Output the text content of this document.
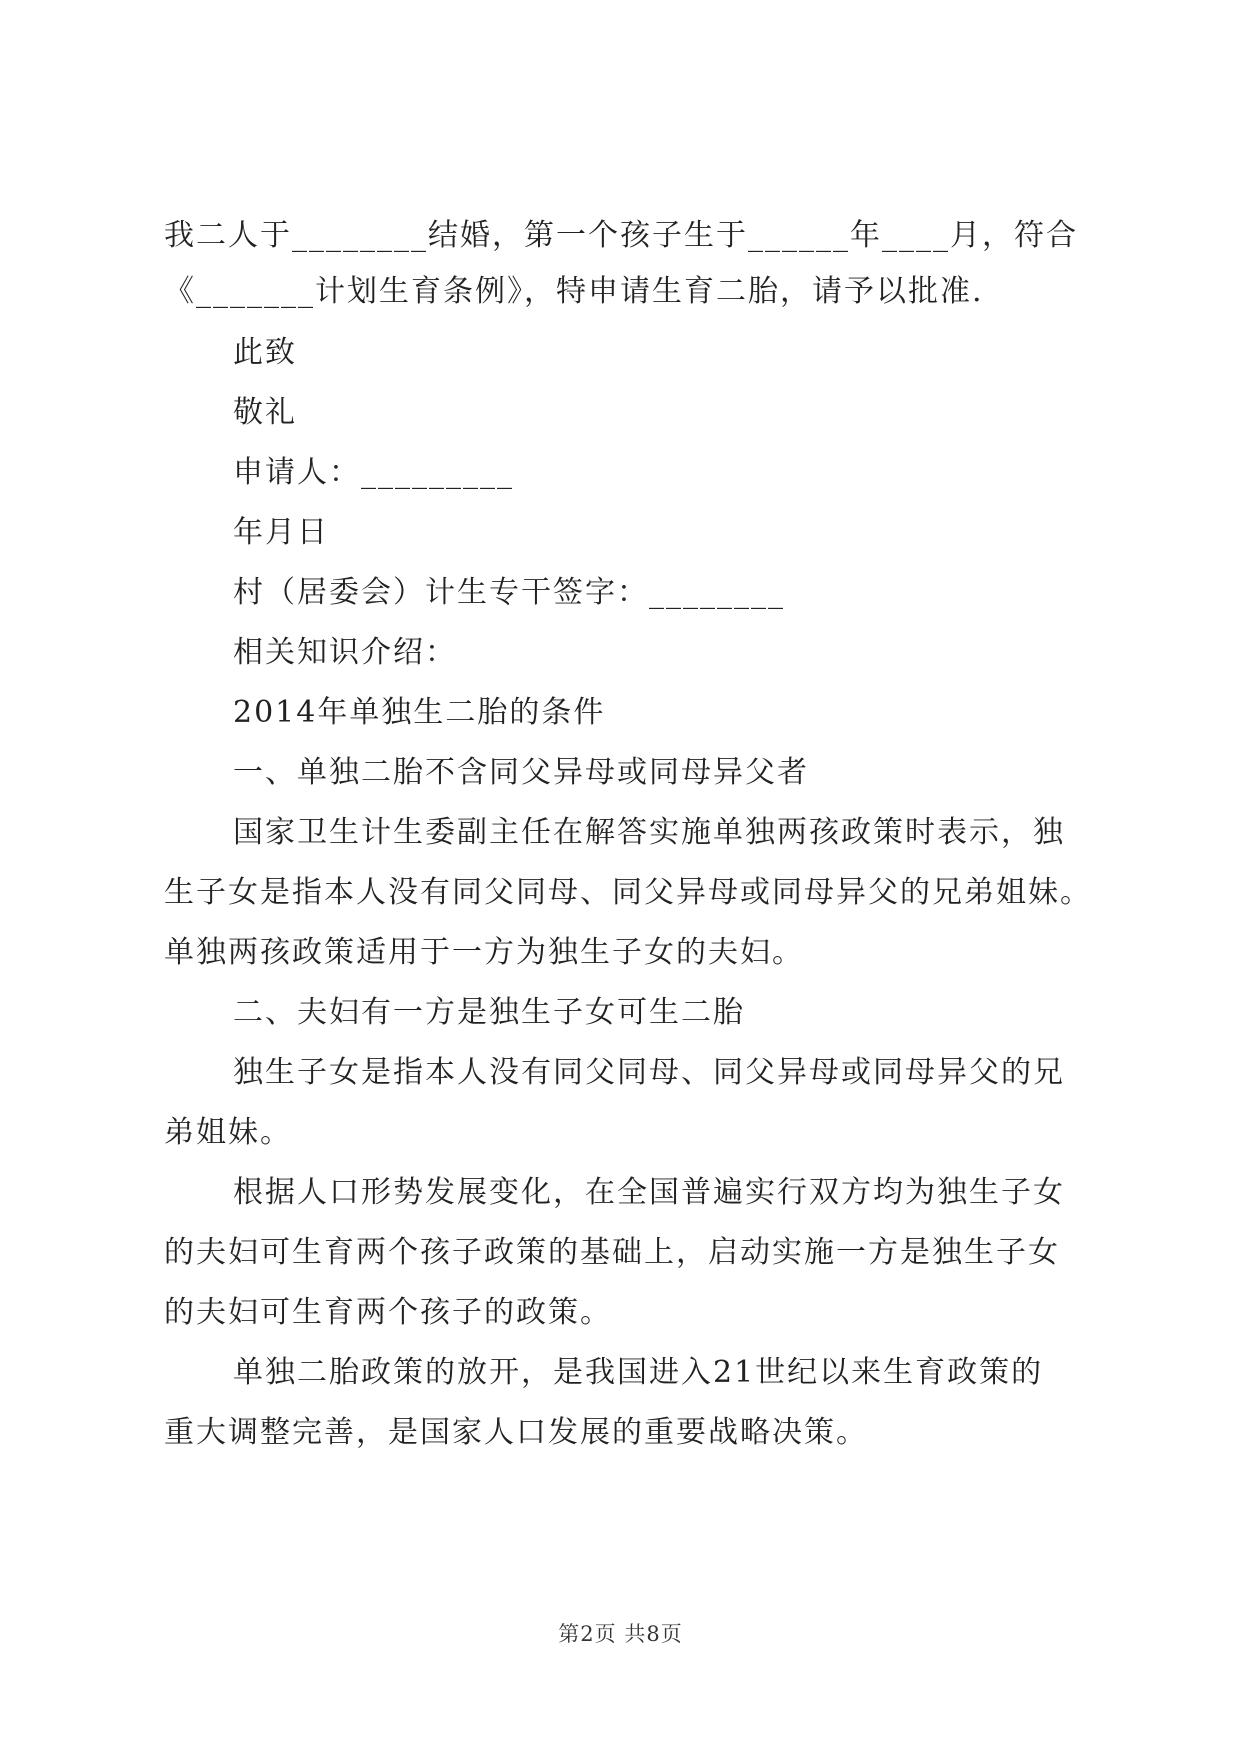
我二人于________结婚，第一个孩子生于______年____月，符合
《_______计划生育条例》，特申请生育二胎，请予以批准.
此致
敬礼
申请人：_________
年月日
村（居委会）计生专干签字：________
相关知识介绍：
2014年单独生二胎的条件
一、单独二胎不含同父异母或同母异父者
国家卫生计生委副主任在解答实施单独两孩政策时表示，独
生子女是指本人没有同父同母、同父异母或同母异父的兄弟姐妹。
单独两孩政策适用于一方为独生子女的夫妇。
二、夫妇有一方是独生子女可生二胎
独生子女是指本人没有同父同母、同父异母或同母异父的兄
弟姐妹。
根据人口形势发展变化，在全国普遍实行双方均为独生子女
的夫妇可生育两个孩子政策的基础上，启动实施一方是独生子女
的夫妇可生育两个孩子的政策。
单独二胎政策的放开，是我国进入21世纪以来生育政策的
重大调整完善，是国家人口发展的重要战略决策。
第2页 共8页
